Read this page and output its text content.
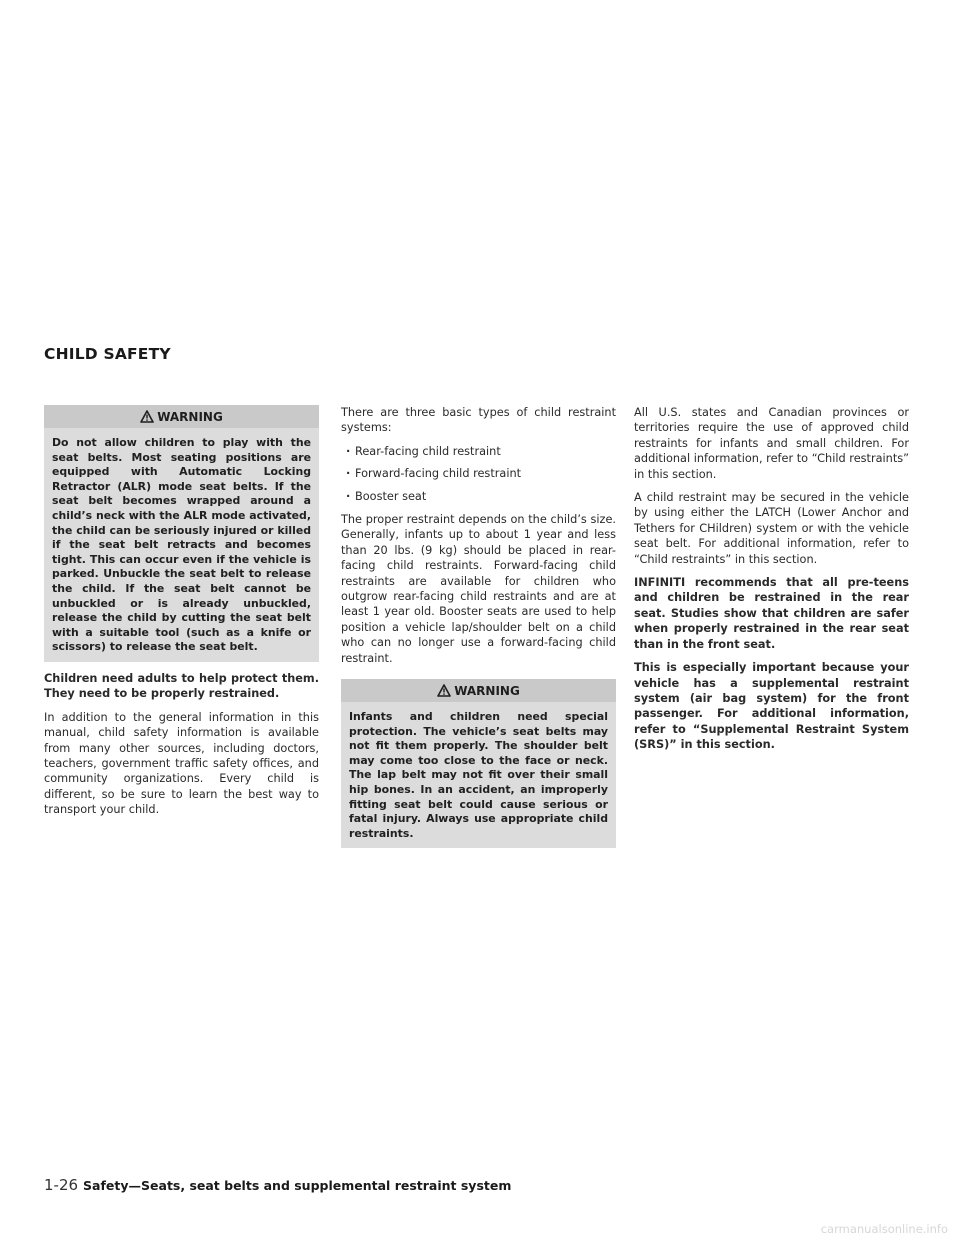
CHILD SAFETY
WARNING
Do not allow children to play with the seat belts. Most seating positions are equipped with Automatic Locking Retractor (ALR) mode seat belts. If the seat belt becomes wrapped around a child’s neck with the ALR mode activated, the child can be seriously injured or killed if the seat belt retracts and becomes tight. This can occur even if the vehicle is parked. Unbuckle the seat belt to release the child. If the seat belt cannot be unbuckled or is already unbuckled, release the child by cutting the seat belt with a suitable tool (such as a knife or scissors) to release the seat belt.

Children need adults to help protect them. They need to be properly restrained.

In addition to the general information in this manual, child safety information is available from many other sources, including doctors, teachers, government traffic safety offices, and community organizations. Every child is different, so be sure to learn the best way to transport your child.

There are three basic types of child restraint systems:

· Rear-facing child restraint
· Forward-facing child restraint
· Booster seat

The proper restraint depends on the child’s size. Generally, infants up to about 1 year and less than 20 lbs. (9 kg) should be placed in rear-facing child restraints. Forward-facing child restraints are available for children who outgrow rear-facing child restraints and are at least 1 year old. Booster seats are used to help position a vehicle lap/shoulder belt on a child who can no longer use a forward-facing child restraint.

WARNING
Infants and children need special protection. The vehicle’s seat belts may not fit them properly. The shoulder belt may come too close to the face or neck. The lap belt may not fit over their small hip bones. In an accident, an improperly fitting seat belt could cause serious or fatal injury. Always use appropriate child restraints.

All U.S. states and Canadian provinces or territories require the use of approved child restraints for infants and small children. For additional information, refer to “Child restraints” in this section.

A child restraint may be secured in the vehicle by using either the LATCH (Lower Anchor and Tethers for CHildren) system or with the vehicle seat belt. For additional information, refer to “Child restraints” in this section.

INFINITI recommends that all pre-teens and children be restrained in the rear seat. Studies show that children are safer when properly restrained in the rear seat than in the front seat.

This is especially important because your vehicle has a supplemental restraint system (air bag system) for the front passenger. For additional information, refer to “Supplemental Restraint System (SRS)” in this section.

1-26 Safety—Seats, seat belts and supplemental restraint system
carmanualsonline.info
